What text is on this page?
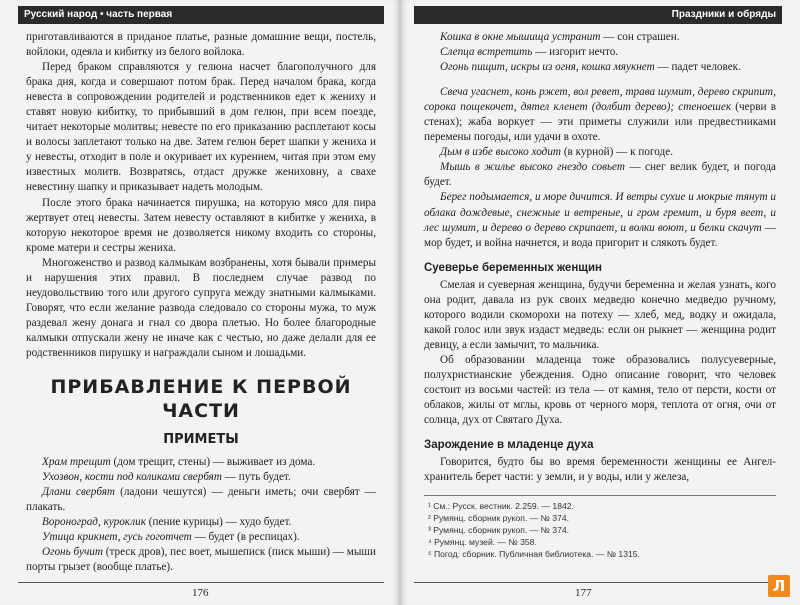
Русский народ • часть первая

приготавливаются в приданое платье, разные домашние вещи, постель, войлоки, одеяла и кибитку из белого войлока.

Перед браком справляются у гелюна насчет благополучного для брака дня, когда и совершают потом брак. Перед началом брака, когда невеста в сопровождении родителей и родственников едет к жениху и ставят новую кибитку, то прибывший в дом гелюн, при всем поезде, читает некоторые молитвы; невесте по его приказанию расплетают косы и волосы заплетают только на две. Затем гелюн берет шапки у жениха и у невесты, отходит в поле и окуривает их курением, читая при этом ему известных молитв. Возвратясь, отдаст дружке жениховну, а свахе невестину шапку и приказывает надеть молодым.

После этого брака начинается пирушка, на которую мясо для пира жертвует отец невесты. Затем невесту оставляют в кибитке у жениха, в которую некоторое время не дозволяется никому входить со стороны, кроме матери и сестры жениха.

Многоженство и развод калмыкам возбранены, хотя бывали примеры и нарушения этих правил. В последнем случае развод по неудовольствию того или другого супруга между знатными калмыками. Говорят, что если желание развода следовало со стороны мужа, то муж раздевал жену донага и гнал со двора плетью. Но более благородные калмыки отпускали жену не иначе как с честью, но даже делали для ее родственников пирушку и награждали сыном и лошадьми.

ПРИБАВЛЕНИЕ К ПЕРВОЙ ЧАСТИ
ПРИМЕТЫ

Храм трещит (дом трещит, стены) — выживает из дома.

Ухозвон, кости под коликами свербят — путь будет.

Длани свербят (ладони чешутся) — деньги иметь; очи свербят — плакать.

Вороноград, куроклик (пение курицы) — худо будет.

Утица крикнет, гусь гоготчет — будет (в респицах).

Огонь бучит (треск дров), пес воет, мышеписк (писк мыши) — мыши порты грызет (вообще платье).

176
Праздники и обряды

Кошка в окне мышища устранит — сон страшен.

Слепца встретить — изгорит нечто.

Огонь пищит, искры из огня, кошка мяукнет — падет человек.

Свеча угаснет, конь ржет, вол ревет, трава шумит, дерево скрипит, сорока пощекочет, дятел кленет (долбит дерево); стеноешек (черви в стенах); жаба воркует — эти приметы служили или предвестниками перемены погоды, или удачи в охоте.

Дым в избе высоко ходит (в курной) — к погоде.

Мышь в жилье высоко гнездо совьет — снег велик будет, и погода будет.

Берег подымается, и море дичится. И ветры сухие и мокрые тянут и облака дождевые, снежные и ветреные, и гром гремит, и буря веет, и лес шумит, и дерево о дерево скрипает, и волки воют, и белки скачут — мор будет, и война начнется, и вода пригорит и слякоть будет.

Суеверье беременных женщин

Смелая и суеверная женщина, будучи беременна и желая узнать, кого она родит, давала из рук своих медведю конечно медведю ручному, которого водили скоморохи на потеху — хлеб, мед, водку и ожидала, какой голос или звук издаст медведь: если он рыкнет — женщина родит девицу, а если замычит, то мальчика.

Об образовании младенца тоже образовались полусуеверные, полухристианские убеждения. Одно описание говорит, что человек состоит из восьми частей: из тела — от камня, тело от персти, кости от облаков, жилы от мглы, кровь от черного моря, теплота от огня, очи от солнца, дух от Святаго Духа.

Зарождение в младенце духа

Говорится, будто бы во время беременности женщины ее Ангел-хранитель берет части: у земли, и у воды, или у железа,

¹ См.: Русск. вестник. 2.259. — 1842.
² Румянц. сборник рукоп. — № 374.
³ Румянц. сборник рукоп. — № 374.
⁴ Румянц. музей. — № 358.
⁵ Погод. сборник. Публичная библиотека. — № 1315.
177	Л
